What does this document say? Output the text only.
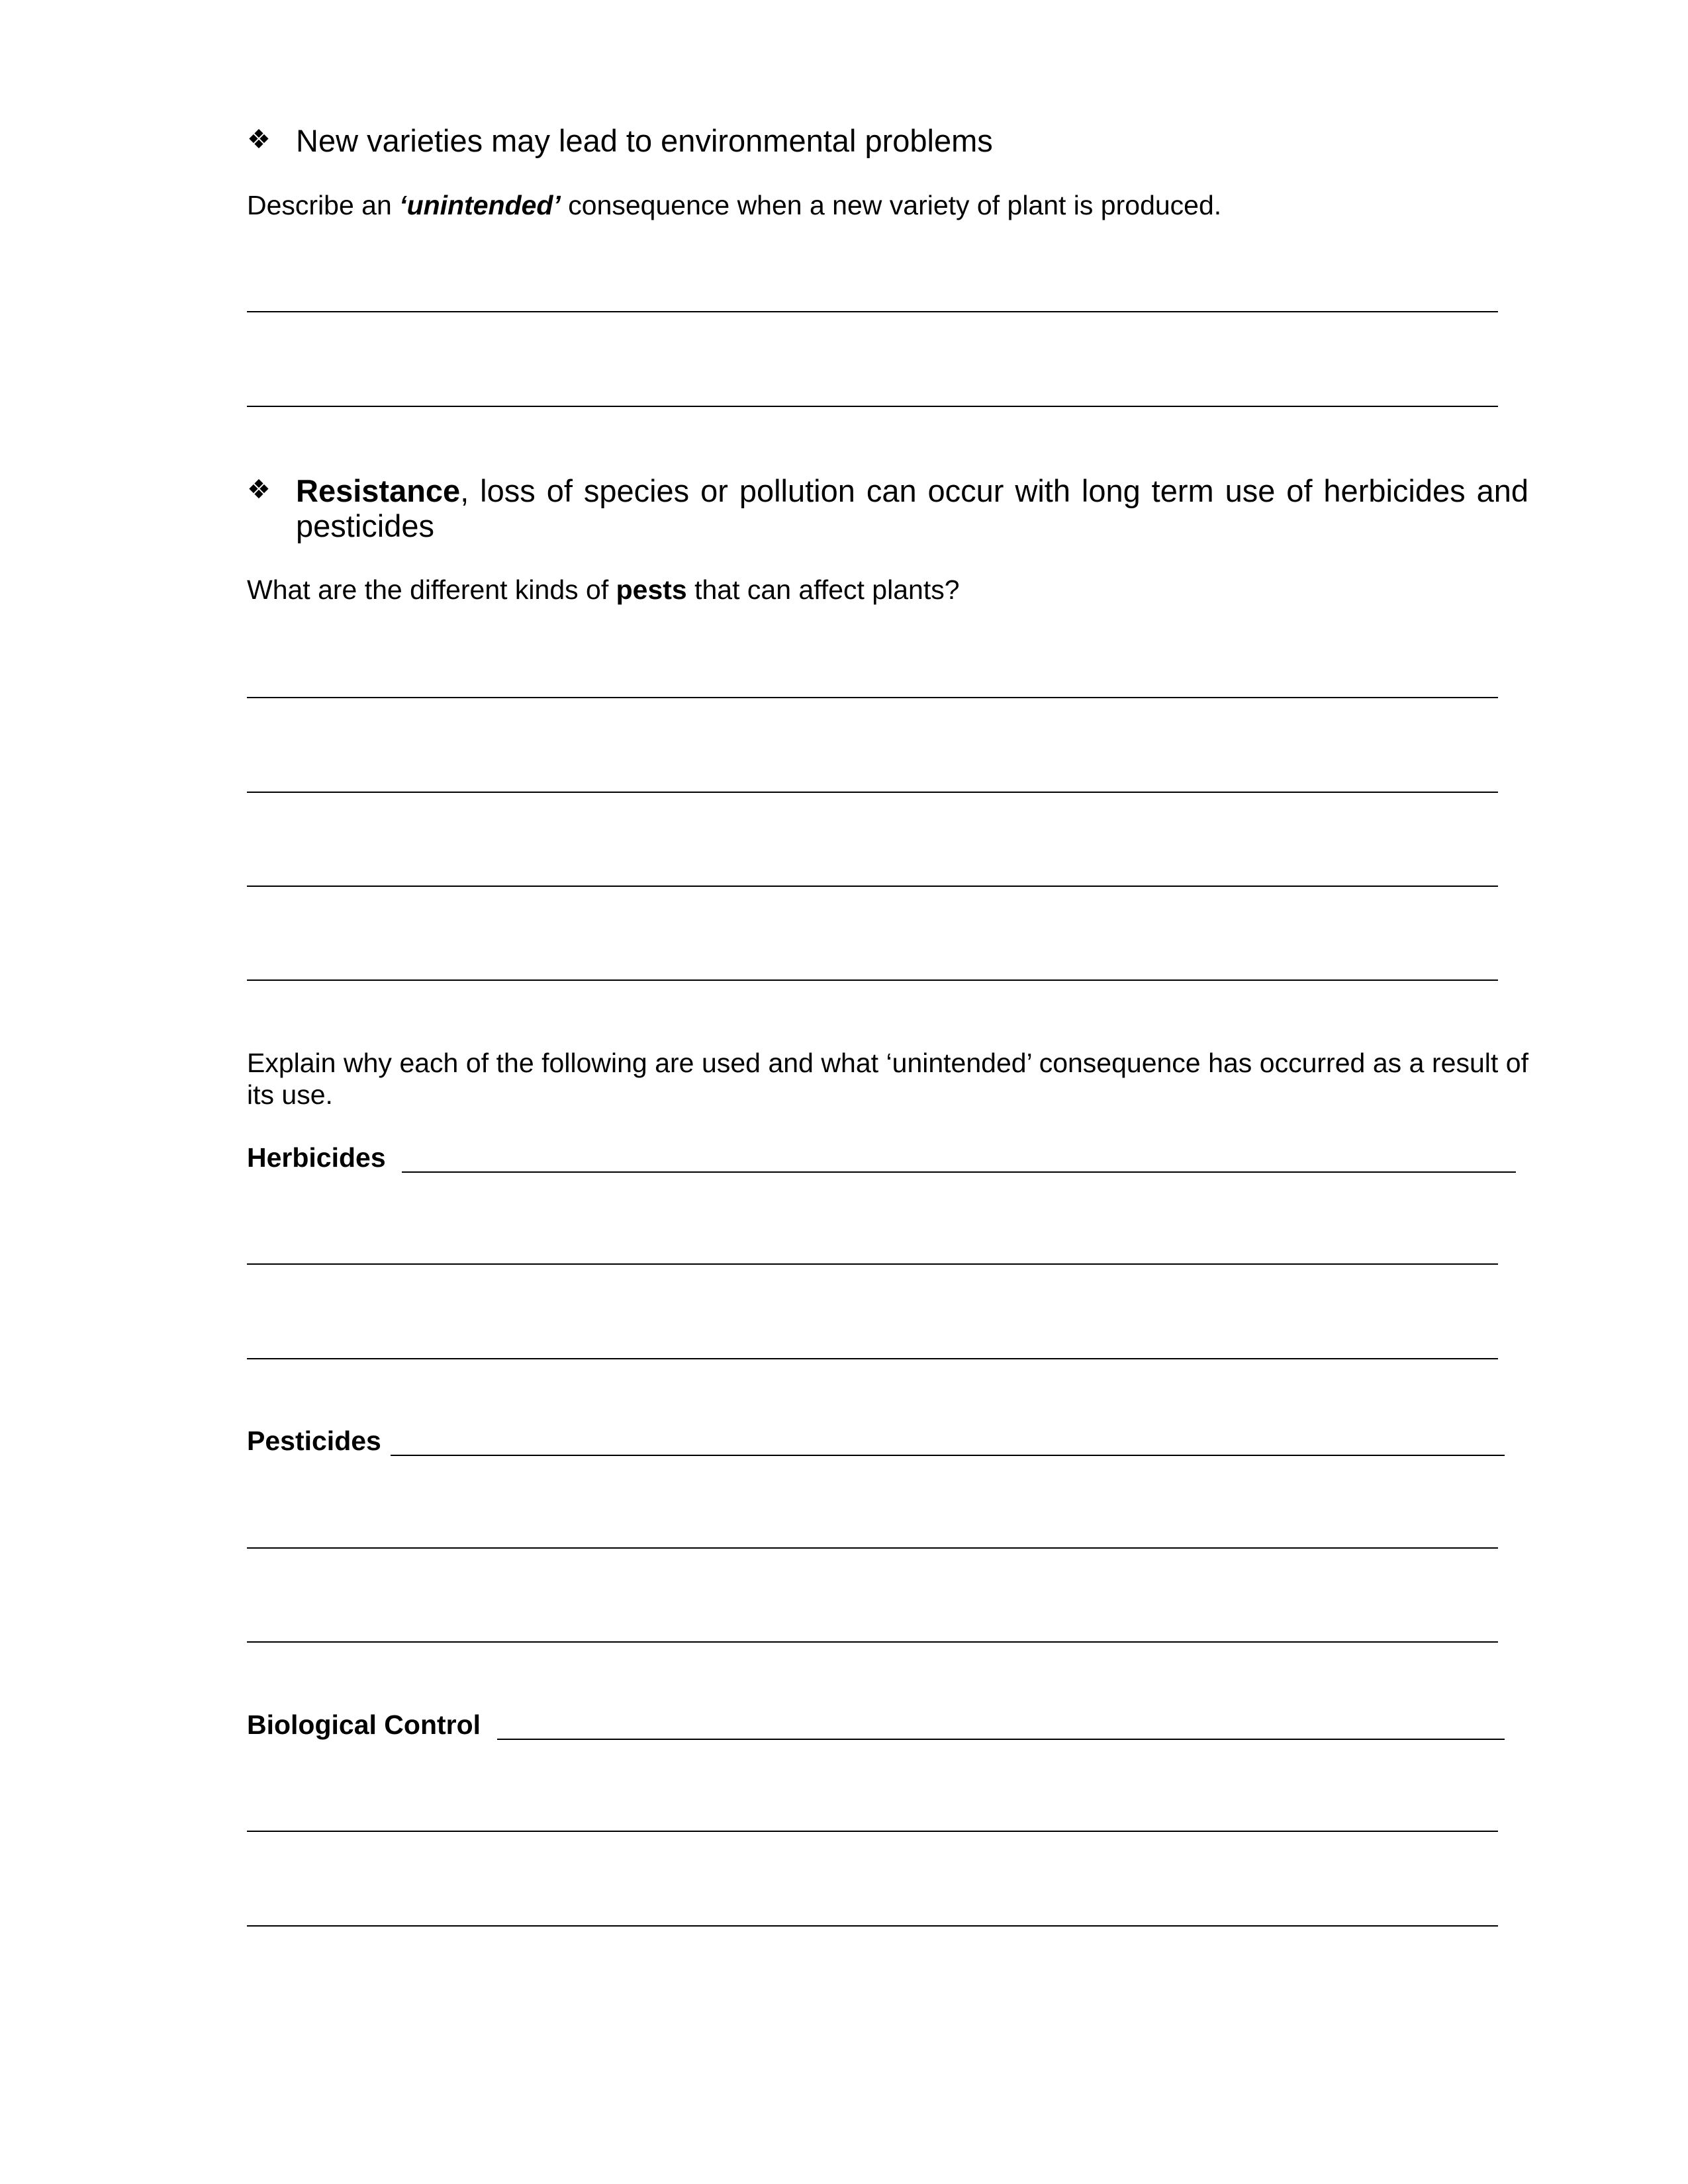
❖ New varieties may lead to environmental problems
Describe an ‘unintended’ consequence when a new variety of plant is produced.
❖ Resistance, loss of species or pollution can occur with long term use of herbicides and pesticides
What are the different kinds of pests that can affect plants?
Explain why each of the following are used and what ‘unintended’ consequence has occurred as a result of its use.
Herbicides
Pesticides
Biological Control
